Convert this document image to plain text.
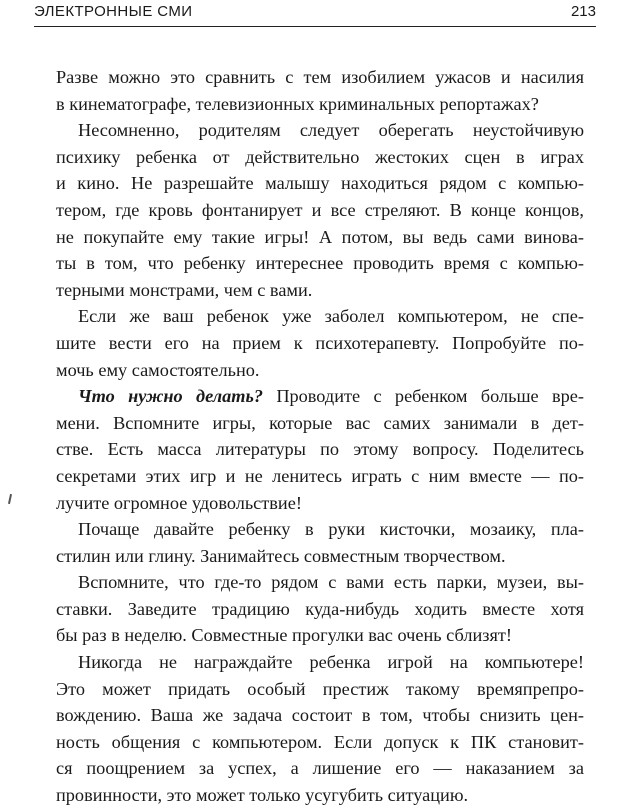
ЭЛЕКТРОННЫЕ СМИ	213

Разве можно это сравнить с тем изобилием ужасов и насилия
в кинематографе, телевизионных криминальных репортажах?

Несомненно, родителям следует оберегать неустойчивую
психику ребенка от действительно жестоких сцен в играх
и кино. Не разрешайте малышу находиться рядом с компью-
тером, где кровь фонтанирует и все стреляют. В конце концов,
не покупайте ему такие игры! А потом, вы ведь сами винова-
ты в том, что ребенку интереснее проводить время с компью-
терными монстрами, чем с вами.

Если же ваш ребенок уже заболел компьютером, не спе-
шите вести его на прием к психотерапевту. Попробуйте по-
мочь ему самостоятельно.

Что нужно делать? Проводите с ребенком больше вре-
мени. Вспомните игры, которые вас самих занимали в дет-
стве. Есть масса литературы по этому вопросу. Поделитесь
секретами этих игр и не ленитесь играть с ним вместе — по-
лучите огромное удовольствие!

Почаще давайте ребенку в руки кисточки, мозаику, пла-
стилин или глину. Занимайтесь совместным творчеством.

Вспомните, что где-то рядом с вами есть парки, музеи, вы-
ставки. Заведите традицию куда-нибудь ходить вместе хотя
бы раз в неделю. Совместные прогулки вас очень сблизят!

Никогда не награждайте ребенка игрой на компьютере!
Это может придать особый престиж такому времяпрепро-
вождению. Ваша же задача состоит в том, чтобы снизить цен-
ность общения с компьютером. Если допуск к ПК становит-
ся поощрением за успех, а лишение его — наказанием за
провинности, это может только усугубить ситуацию.
